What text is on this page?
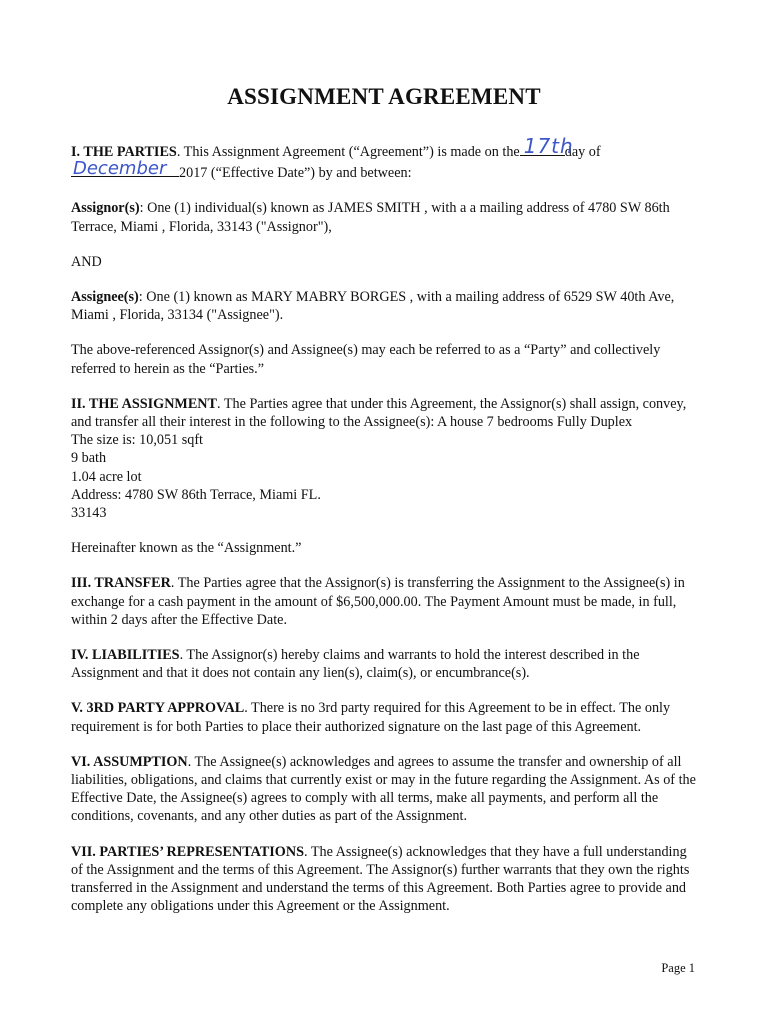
ASSIGNMENT AGREEMENT

I. THE PARTIES. This Assignment Agreement (“Agreement”) is made on the 17th
day of

December 2017 (“Effective Date”) by and between:

Assignor(s): One (1) individual(s) known as JAMES SMITH , with a a mailing address of 4780 SW 86th Terrace, Miami , Florida, 33143 ("Assignor"),

AND

Assignee(s): One (1) known as MARY MABRY BORGES , with a mailing address of 6529 SW 40th Ave, Miami , Florida, 33134 ("Assignee").

The above-referenced Assignor(s) and Assignee(s) may each be referred to as a “Party” and collectively referred to herein as the “Parties.”

II. THE ASSIGNMENT. The Parties agree that under this Agreement, the Assignor(s) shall assign, convey, and transfer all their interest in the following to the Assignee(s): A house 7 bedrooms Fully Duplex
The size is: 10,051 sqft
9 bath
1.04 acre lot
Address: 4780 SW 86th Terrace, Miami FL.
33143

Hereinafter known as the “Assignment.”

III. TRANSFER. The Parties agree that the Assignor(s) is transferring the Assignment to the Assignee(s) in exchange for a cash payment in the amount of $6,500,000.00. The Payment Amount must be made, in full, within 2 days after the Effective Date.

IV. LIABILITIES. The Assignor(s) hereby claims and warrants to hold the interest described in the Assignment and that it does not contain any lien(s), claim(s), or encumbrance(s).

V. 3RD PARTY APPROVAL. There is no 3rd party required for this Agreement to be in effect. The only requirement is for both Parties to place their authorized signature on the last page of this Agreement.

VI. ASSUMPTION. The Assignee(s) acknowledges and agrees to assume the transfer and ownership of all liabilities, obligations, and claims that currently exist or may in the future regarding the Assignment. As of the Effective Date, the Assignee(s) agrees to comply with all terms, make all payments, and perform all the conditions, covenants, and any other duties as part of the Assignment.

VII. PARTIES’ REPRESENTATIONS. The Assignee(s) acknowledges that they have a full understanding of the Assignment and the terms of this Agreement. The Assignor(s) further warrants that they own the rights transferred in the Assignment and understand the terms of this Agreement. Both Parties agree to provide and complete any obligations under this Agreement or the Assignment.

Page 1
